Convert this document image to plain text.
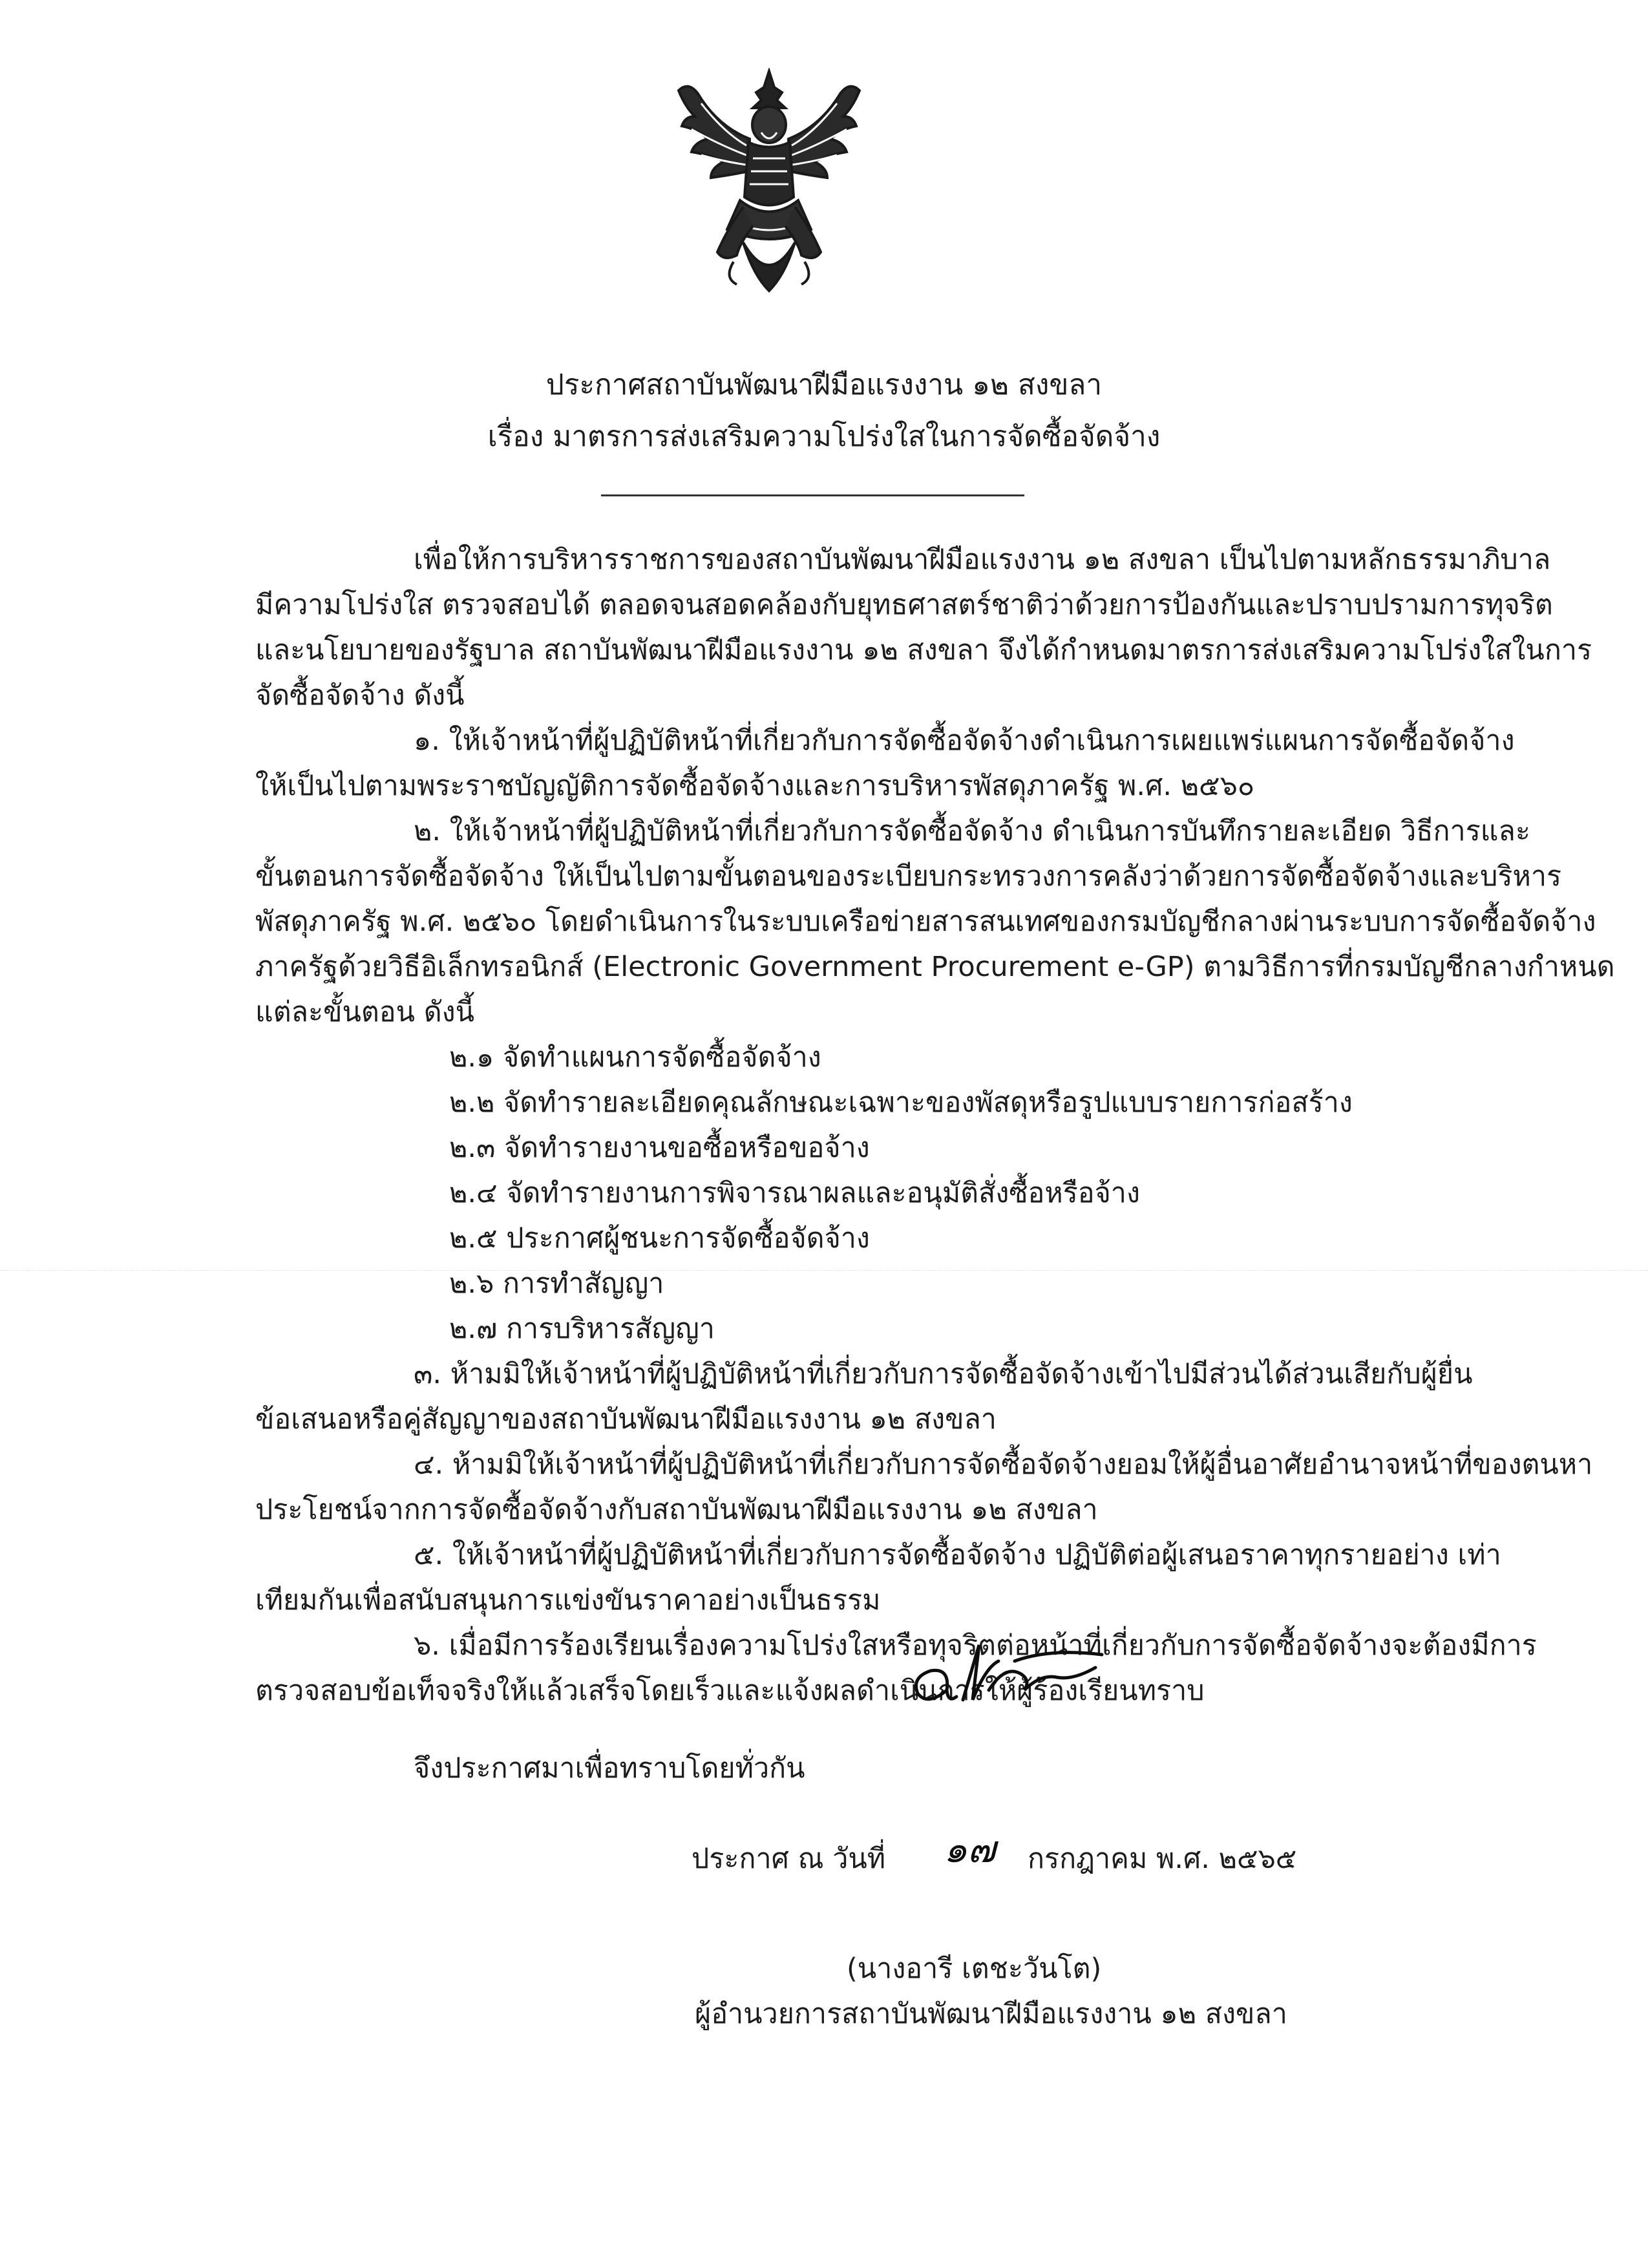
ประกาศสถาบันพัฒนาฝีมือแรงงาน ๑๒ สงขลา
เรื่อง มาตรการส่งเสริมความโปร่งใสในการจัดซื้อจัดจ้าง
เพื่อให้การบริหารราชการของสถาบันพัฒนาฝีมือแรงงาน ๑๒ สงขลา เป็นไปตามหลักธรรมาภิบาล
มีความโปร่งใส ตรวจสอบได้ ตลอดจนสอดคล้องกับยุทธศาสตร์ชาติว่าด้วยการป้องกันและปราบปรามการทุจริต
และนโยบายของรัฐบาล สถาบันพัฒนาฝีมือแรงงาน ๑๒ สงขลา จึงได้กำหนดมาตรการส่งเสริมความโปร่งใสในการ
จัดซื้อจัดจ้าง ดังนี้
๑. ให้เจ้าหน้าที่ผู้ปฏิบัติหน้าที่เกี่ยวกับการจัดซื้อจัดจ้างดำเนินการเผยแพร่แผนการจัดซื้อจัดจ้าง
ให้เป็นไปตามพระราชบัญญัติการจัดซื้อจัดจ้างและการบริหารพัสดุภาครัฐ พ.ศ. ๒๕๖๐
๒. ให้เจ้าหน้าที่ผู้ปฏิบัติหน้าที่เกี่ยวกับการจัดซื้อจัดจ้าง ดำเนินการบันทึกรายละเอียด วิธีการและ
ขั้นตอนการจัดซื้อจัดจ้าง ให้เป็นไปตามขั้นตอนของระเบียบกระทรวงการคลังว่าด้วยการจัดซื้อจัดจ้างและบริหาร
พัสดุภาครัฐ พ.ศ. ๒๕๖๐ โดยดำเนินการในระบบเครือข่ายสารสนเทศของกรมบัญชีกลางผ่านระบบการจัดซื้อจัดจ้าง
ภาครัฐด้วยวิธีอิเล็กทรอนิกส์ (Electronic Government Procurement e-GP) ตามวิธีการที่กรมบัญชีกลางกำหนด
แต่ละขั้นตอน ดังนี้
๒.๑ จัดทำแผนการจัดซื้อจัดจ้าง
๒.๒ จัดทำรายละเอียดคุณลักษณะเฉพาะของพัสดุหรือรูปแบบรายการก่อสร้าง
๒.๓ จัดทำรายงานขอซื้อหรือขอจ้าง
๒.๔ จัดทำรายงานการพิจารณาผลและอนุมัติสั่งซื้อหรือจ้าง
๒.๕ ประกาศผู้ชนะการจัดซื้อจัดจ้าง
๒.๖ การทำสัญญา
๒.๗ การบริหารสัญญา
๓. ห้ามมิให้เจ้าหน้าที่ผู้ปฏิบัติหน้าที่เกี่ยวกับการจัดซื้อจัดจ้างเข้าไปมีส่วนได้ส่วนเสียกับผู้ยื่น
ข้อเสนอหรือคู่สัญญาของสถาบันพัฒนาฝีมือแรงงาน ๑๒ สงขลา
๔. ห้ามมิให้เจ้าหน้าที่ผู้ปฏิบัติหน้าที่เกี่ยวกับการจัดซื้อจัดจ้างยอมให้ผู้อื่นอาศัยอำนาจหน้าที่ของตนหา
ประโยชน์จากการจัดซื้อจัดจ้างกับสถาบันพัฒนาฝีมือแรงงาน ๑๒ สงขลา
๕. ให้เจ้าหน้าที่ผู้ปฏิบัติหน้าที่เกี่ยวกับการจัดซื้อจัดจ้าง ปฏิบัติต่อผู้เสนอราคาทุกรายอย่าง เท่า
เทียมกันเพื่อสนับสนุนการแข่งขันราคาอย่างเป็นธรรม
๖. เมื่อมีการร้องเรียนเรื่องความโปร่งใสหรือทุจริตต่อหน้าที่เกี่ยวกับการจัดซื้อจัดจ้างจะต้องมีการ
ตรวจสอบข้อเท็จจริงให้แล้วเสร็จโดยเร็วและแจ้งผลดำเนินการให้ผู้ร้องเรียนทราบ
จึงประกาศมาเพื่อทราบโดยทั่วกัน
ประกาศ ณ วันที่ ๑๗ กรกฎาคม พ.ศ. ๒๕๖๕
(นางอารี เตชะวันโต)
ผู้อำนวยการสถาบันพัฒนาฝีมือแรงงาน ๑๒ สงขลา
